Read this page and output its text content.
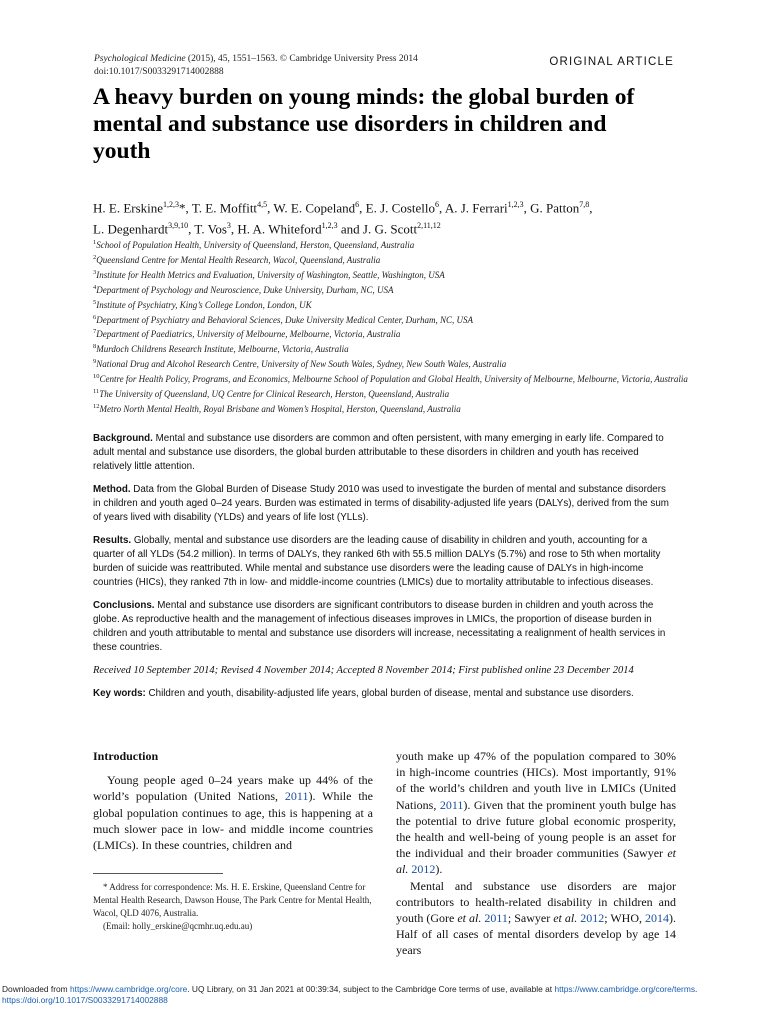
Psychological Medicine (2015), 45, 1551–1563. © Cambridge University Press 2014
doi:10.1017/S0033291714002888
ORIGINAL ARTICLE
A heavy burden on young minds: the global burden of mental and substance use disorders in children and youth
H. E. Erskine$^{1,2,3}$*, T. E. Moffitt$^{4,5}$, W. E. Copeland$^6$, E. J. Costello$^6$, A. J. Ferrari$^{1,2,3}$, G. Patton$^{7,8}$,
L. Degenhardt$^{3,9,10}$, T. Vos$^3$, H. A. Whiteford$^{1,2,3}$ and J. G. Scott$^{2,11,12}$
$^1$School of Population Health, University of Queensland, Herston, Queensland, Australia
$^2$Queensland Centre for Mental Health Research, Wacol, Queensland, Australia
$^3$Institute for Health Metrics and Evaluation, University of Washington, Seattle, Washington, USA
$^4$Department of Psychology and Neuroscience, Duke University, Durham, NC, USA
$^5$Institute of Psychiatry, King’s College London, London, UK
$^6$Department of Psychiatry and Behavioral Sciences, Duke University Medical Center, Durham, NC, USA
$^7$Department of Paediatrics, University of Melbourne, Melbourne, Victoria, Australia
$^8$Murdoch Childrens Research Institute, Melbourne, Victoria, Australia
$^9$National Drug and Alcohol Research Centre, University of New South Wales, Sydney, New South Wales, Australia
$^{10}$Centre for Health Policy, Programs, and Economics, Melbourne School of Population and Global Health, University of Melbourne, Melbourne, Victoria, Australia
$^{11}$The University of Queensland, UQ Centre for Clinical Research, Herston, Queensland, Australia
$^{12}$Metro North Mental Health, Royal Brisbane and Women’s Hospital, Herston, Queensland, Australia

Background. Mental and substance use disorders are common and often persistent, with many emerging in early life. Compared to adult mental and substance use disorders, the global burden attributable to these disorders in children and youth has received relatively little attention.

Method. Data from the Global Burden of Disease Study 2010 was used to investigate the burden of mental and substance disorders in children and youth aged 0–24 years. Burden was estimated in terms of disability-adjusted life years (DALYs), derived from the sum of years lived with disability (YLDs) and years of life lost (YLLs).

Results. Globally, mental and substance use disorders are the leading cause of disability in children and youth, accounting for a quarter of all YLDs (54.2 million). In terms of DALYs, they ranked 6th with 55.5 million DALYs (5.7%) and rose to 5th when mortality burden of suicide was reattributed. While mental and substance use disorders were the leading cause of DALYs in high-income countries (HICs), they ranked 7th in low- and middle-income countries (LMICs) due to mortality attributable to infectious diseases.

Conclusions. Mental and substance use disorders are significant contributors to disease burden in children and youth across the globe. As reproductive health and the management of infectious diseases improves in LMICs, the proportion of disease burden in children and youth attributable to mental and substance use disorders will increase, necessitating a realignment of health services in these countries.

Received 10 September 2014; Revised 4 November 2014; Accepted 8 November 2014; First published online 23 December 2014

Key words: Children and youth, disability-adjusted life years, global burden of disease, mental and substance use disorders.

Introduction

Young people aged 0–24 years make up 44% of the world’s population (United Nations, 2011). While the global population continues to age, this is happening at a much slower pace in low- and middle income countries (LMICs). In these countries, children and

* Address for correspondence: Ms. H. E. Erskine, Queensland Centre for Mental Health Research, Dawson House, The Park Centre for Mental Health, Wacol, QLD 4076, Australia.
(Email: holly_erskine@qcmhr.uq.edu.au)

youth make up 47% of the population compared to 30% in high-income countries (HICs). Most importantly, 91% of the world’s children and youth live in LMICs (United Nations, 2011). Given that the prominent youth bulge has the potential to drive future global economic prosperity, the health and well-being of young people is an asset for the individual and their broader communities (Sawyer et al. 2012).

Mental and substance use disorders are major contributors to health-related disability in children and youth (Gore et al. 2011; Sawyer et al. 2012; WHO, 2014). Half of all cases of mental disorders develop by age 14 years

Downloaded from https://www.cambridge.org/core. UQ Library, on 31 Jan 2021 at 00:39:34, subject to the Cambridge Core terms of use, available at https://www.cambridge.org/core/terms.
https://doi.org/10.1017/S0033291714002888
